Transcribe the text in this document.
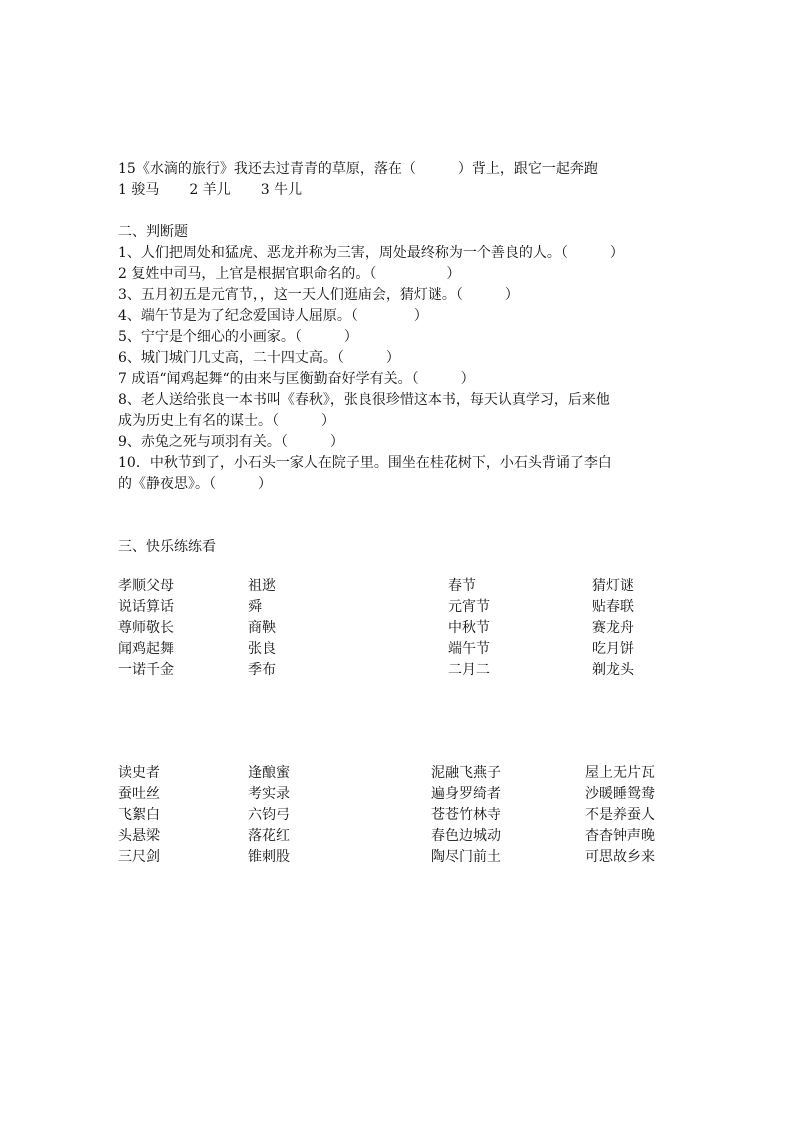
15《水滴的旅行》我还去过青青的草原，落在（　　　）背上，跟它一起奔跑
1 骏马 2 羊儿 3 牛儿
二、判断题
1、人们把周处和猛虎、恶龙并称为三害，周处最终称为一个善良的人。（　　　）
2 复姓中司马，上官是根据官职命名的。（　　　　　）
3、五月初五是元宵节，，这一天人们逛庙会，猜灯谜。（　　　）
4、端午节是为了纪念爱国诗人屈原。（　　　　）
5、宁宁是个细心的小画家。（　　　）
6、城门城门几丈高，二十四丈高。（　　　）
7 成语“闻鸡起舞“的由来与匡衡勤奋好学有关。（　　　）
8、老人送给张良一本书叫《春秋》，张良很珍惜这本书，每天认真学习，后来他
成为历史上有名的谋士。（　　　）
9、赤兔之死与项羽有关。（　　　）
10．中秋节到了，小石头一家人在院子里。围坐在桂花树下，小石头背诵了李白
的《静夜思》。（　　　）
三、快乐练练看
孝顺父母	祖逖	春节	猜灯谜
说话算话	舜	元宵节	贴春联
尊师敬长	商鞅	中秋节	赛龙舟
闻鸡起舞	张良	端午节	吃月饼
一诺千金	季布	二月二	剃龙头
读史者	逢酿蜜	泥融飞燕子	屋上无片瓦
蚕吐丝	考实录	遍身罗绮者	沙暖睡鸳鸯
飞絮白	六钧弓	苍苍竹林寺	不是养蚕人
头悬梁	落花红	春色边城动	杳杳钟声晚
三尺剑	锥刺股	陶尽门前土	可思故乡来
